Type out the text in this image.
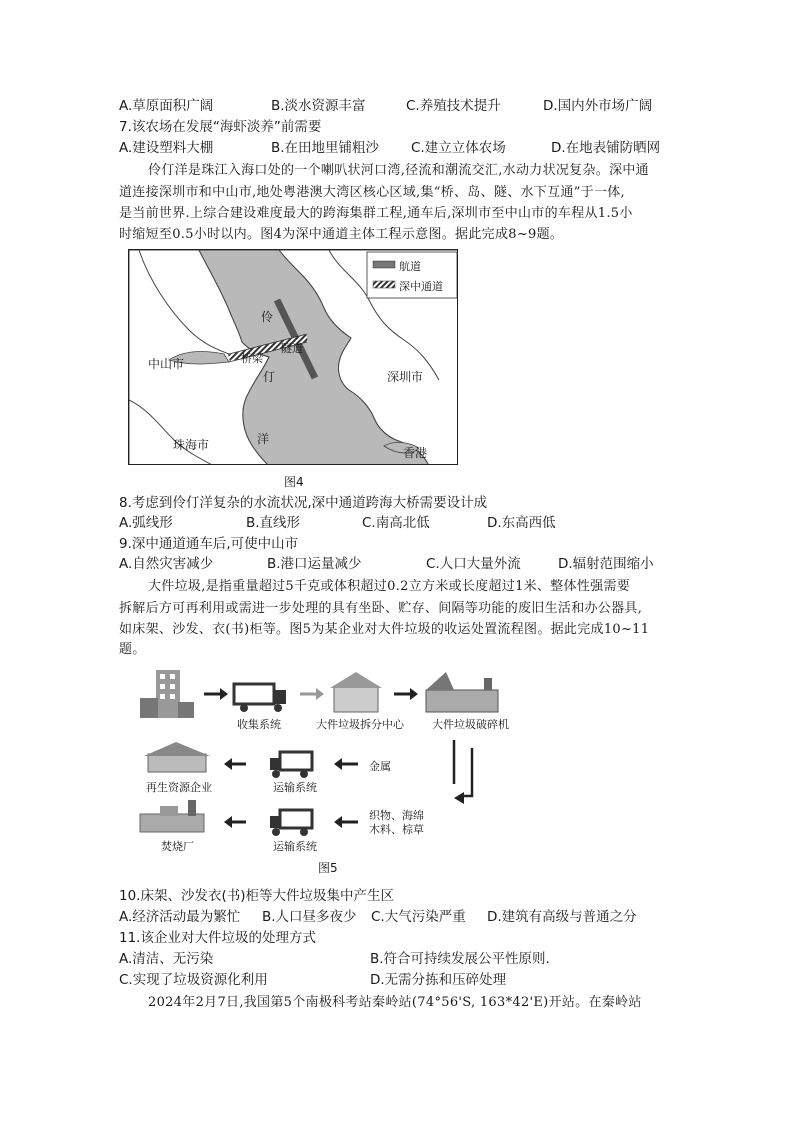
A.草原面积广阔	B.淡水资源丰富	C.养殖技术提升	D.国内外市场广阔
7.该农场在发展“海虾淡养”前需要
A.建设塑料大棚	B.在田地里铺粗沙 C.建立立体农场	D.在地表铺防晒网
伶仃洋是珠江入海口处的一个喇叭状河口湾,径流和潮流交汇,水动力状况复杂。深中通
道连接深圳市和中山市,地处粤港澳大湾区核心区域,集“桥、岛、隧、水下互通”于一体,
是当前世界.上综合建设难度最大的跨海集群工程,通车后,深圳市至中山市的车程从1.5小
时缩短至0.5小时以内。图4为深中通道主体工程示意图。据此完成8~9题。
航道
深中通道
中山市
珠海市
深圳市
香港
伶
仃
洋
桥梁
隧道
图4
8.考虑到伶仃洋复杂的水流状况,深中通道跨海大桥需要设计成
A.弧线形	B.直线形	C.南高北低	D.东高西低
9.深中通道通车后,可使中山市
A.自然灾害减少	B.港口运量减少	C.人口大量外流	D.辐射范围缩小
大件垃圾,是指重量超过5千克或体积超过0.2立方米或长度超过1米、整体性强需要
拆解后方可再利用或需进一步处理的具有坐卧、贮存、间隔等功能的废旧生活和办公器具,
如床架、沙发、衣(书)柜等。图5为某企业对大件垃圾的收运处置流程图。据此完成10~11
题。
收集系统	大件垃圾拆分中心	大件垃圾破碎机
金属
再生资源企业	运输系统
织物、海绵
木料、棕草
焚烧厂	运输系统
图5
10.床架、沙发衣(书)柜等大件垃圾集中产生区
A.经济活动最为繁忙 B.人口昼多夜少 C.大气污染严重 D.建筑有高级与普通之分
11.该企业对大件垃圾的处理方式
A.清洁、无污染	B.符合可持续发展公平性原则.
C.实现了垃圾资源化利用	D.无需分拣和压碎处理
2024年2月7日,我国第5个南极科考站秦岭站(74°56'S, 163*42'E)开站。在秦岭站
